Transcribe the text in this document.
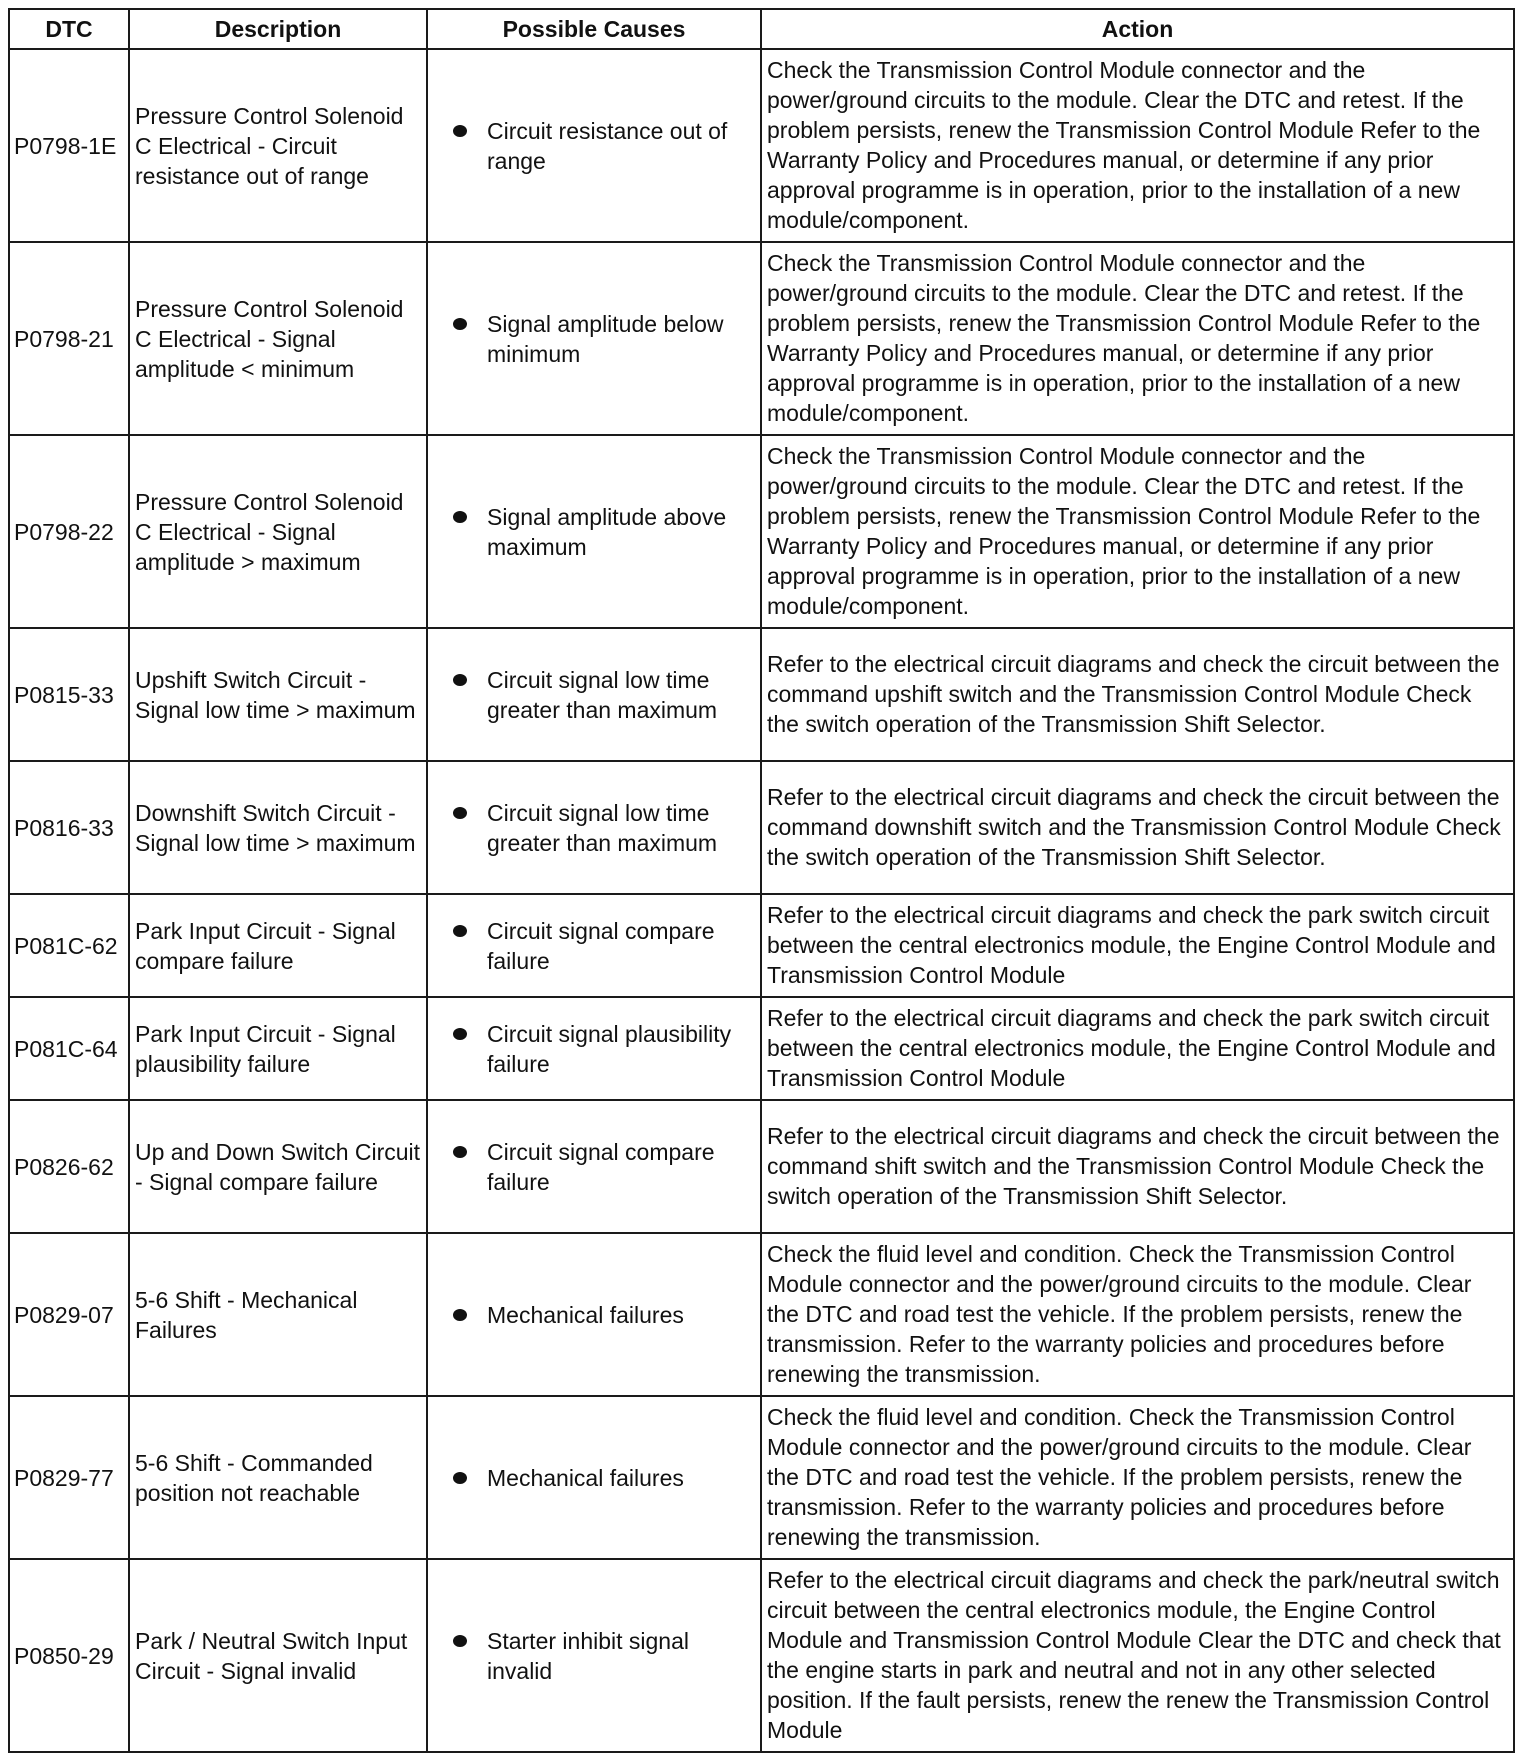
DTC	Description	Possible Causes	Action
P0798-1E	Pressure Control Solenoid C Electrical - Circuit resistance out of range	Circuit resistance out of range	Check the Transmission Control Module connector and the power/ground circuits to the module. Clear the DTC and retest. If the problem persists, renew the Transmission Control Module Refer to the Warranty Policy and Procedures manual, or determine if any prior approval programme is in operation, prior to the installation of a new module/component.
P0798-21	Pressure Control Solenoid C Electrical - Signal amplitude < minimum	Signal amplitude below minimum	Check the Transmission Control Module connector and the power/ground circuits to the module. Clear the DTC and retest. If the problem persists, renew the Transmission Control Module Refer to the Warranty Policy and Procedures manual, or determine if any prior approval programme is in operation, prior to the installation of a new module/component.
P0798-22	Pressure Control Solenoid C Electrical - Signal amplitude > maximum	Signal amplitude above maximum	Check the Transmission Control Module connector and the power/ground circuits to the module. Clear the DTC and retest. If the problem persists, renew the Transmission Control Module Refer to the Warranty Policy and Procedures manual, or determine if any prior approval programme is in operation, prior to the installation of a new module/component.
P0815-33	Upshift Switch Circuit - Signal low time > maximum	Circuit signal low time greater than maximum	Refer to the electrical circuit diagrams and check the circuit between the command upshift switch and the Transmission Control Module Check the switch operation of the Transmission Shift Selector.
P0816-33	Downshift Switch Circuit - Signal low time > maximum	Circuit signal low time greater than maximum	Refer to the electrical circuit diagrams and check the circuit between the command downshift switch and the Transmission Control Module Check the switch operation of the Transmission Shift Selector.
P081C-62	Park Input Circuit - Signal compare failure	Circuit signal compare failure	Refer to the electrical circuit diagrams and check the park switch circuit between the central electronics module, the Engine Control Module and Transmission Control Module
P081C-64	Park Input Circuit - Signal plausibility failure	Circuit signal plausibility failure	Refer to the electrical circuit diagrams and check the park switch circuit between the central electronics module, the Engine Control Module and Transmission Control Module
P0826-62	Up and Down Switch Circuit - Signal compare failure	Circuit signal compare failure	Refer to the electrical circuit diagrams and check the circuit between the command shift switch and the Transmission Control Module Check the switch operation of the Transmission Shift Selector.
P0829-07	5-6 Shift - Mechanical Failures	Mechanical failures	Check the fluid level and condition. Check the Transmission Control Module connector and the power/ground circuits to the module. Clear the DTC and road test the vehicle. If the problem persists, renew the transmission. Refer to the warranty policies and procedures before renewing the transmission.
P0829-77	5-6 Shift - Commanded position not reachable	Mechanical failures	Check the fluid level and condition. Check the Transmission Control Module connector and the power/ground circuits to the module. Clear the DTC and road test the vehicle. If the problem persists, renew the transmission. Refer to the warranty policies and procedures before renewing the transmission.
P0850-29	Park / Neutral Switch Input Circuit - Signal invalid	Starter inhibit signal invalid	Refer to the electrical circuit diagrams and check the park/neutral switch circuit between the central electronics module, the Engine Control Module and Transmission Control Module Clear the DTC and check that the engine starts in park and neutral and not in any other selected position. If the fault persists, renew the renew the Transmission Control Module
